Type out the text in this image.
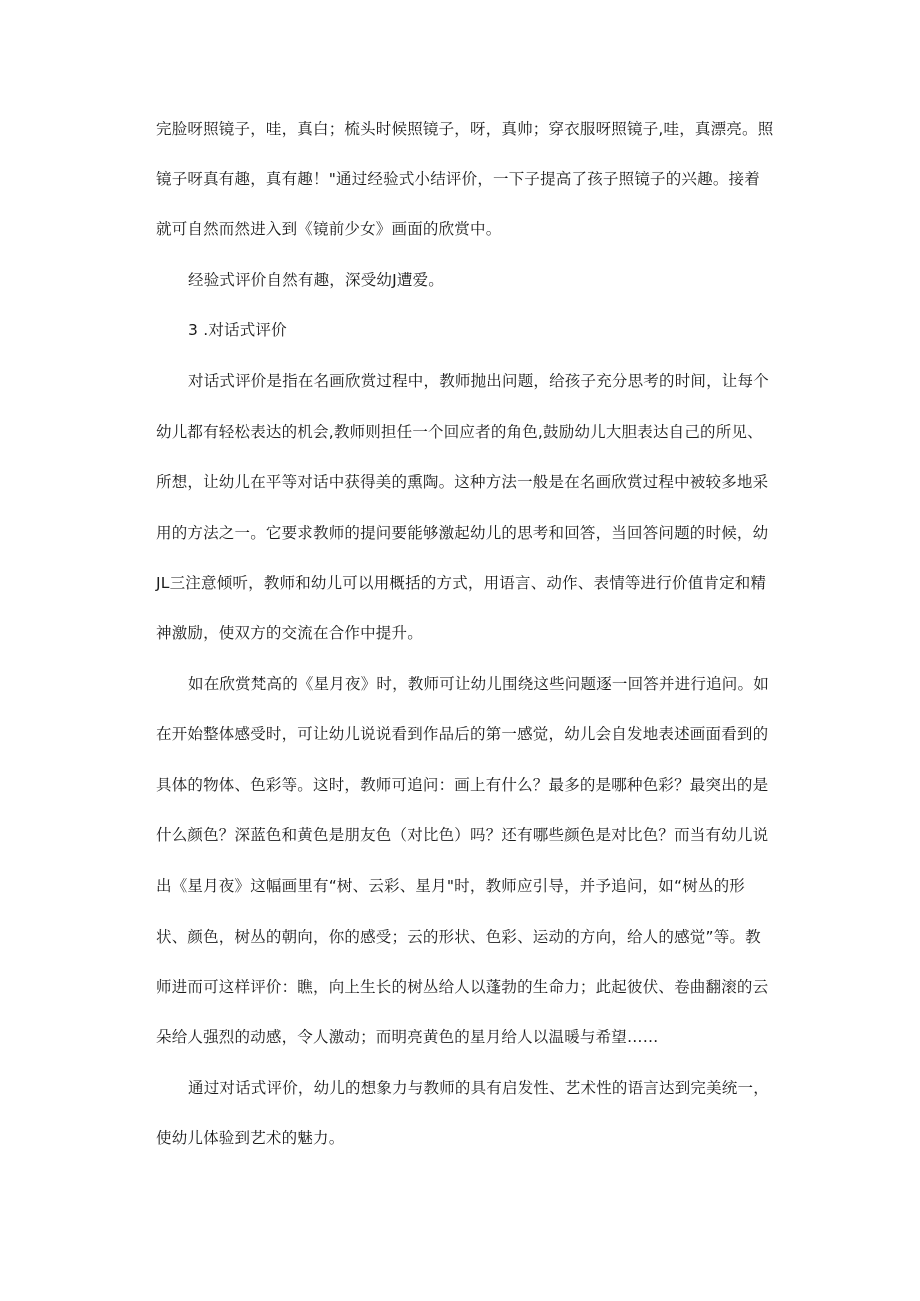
完脸呀照镜子，哇，真白；梳头时候照镜子，呀，真帅；穿衣服呀照镜子,哇，真漂亮。照
镜子呀真有趣，真有趣！"通过经验式小结评价，一下子提高了孩子照镜子的兴趣。接着
就可自然而然进入到《镜前少女》画面的欣赏中。
经验式评价自然有趣，深受幼J遭爱。
3 .对话式评价
对话式评价是指在名画欣赏过程中，教师抛出问题，给孩子充分思考的时间，让每个
幼儿都有轻松表达的机会,教师则担任一个回应者的角色,鼓励幼儿大胆表达自己的所见、
所想，让幼儿在平等对话中获得美的熏陶。这种方法一般是在名画欣赏过程中被较多地采
用的方法之一。它要求教师的提问要能够激起幼儿的思考和回答，当回答问题的时候，幼
JL三注意倾听，教师和幼儿可以用概括的方式，用语言、动作、表情等进行价值肯定和精
神激励，使双方的交流在合作中提升。
如在欣赏梵高的《星月夜》时，教师可让幼儿围绕这些问题逐一回答并进行追问。如
在开始整体感受时，可让幼儿说说看到作品后的第一感觉，幼儿会自发地表述画面看到的
具体的物体、色彩等。这时，教师可追问：画上有什么？最多的是哪种色彩？最突出的是
什么颜色？深蓝色和黄色是朋友色（对比色）吗？还有哪些颜色是对比色？而当有幼儿说
出《星月夜》这幅画里有“树、云彩、星月"时，教师应引导，并予追问，如“树丛的形
状、颜色，树丛的朝向，你的感受；云的形状、色彩、运动的方向，给人的感觉”等。教
师进而可这样评价：瞧，向上生长的树丛给人以蓬勃的生命力；此起彼伏、卷曲翻滚的云
朵给人强烈的动感，令人激动；而明亮黄色的星月给人以温暖与希望……
通过对话式评价，幼儿的想象力与教师的具有启发性、艺术性的语言达到完美统一，
使幼儿体验到艺术的魅力。
